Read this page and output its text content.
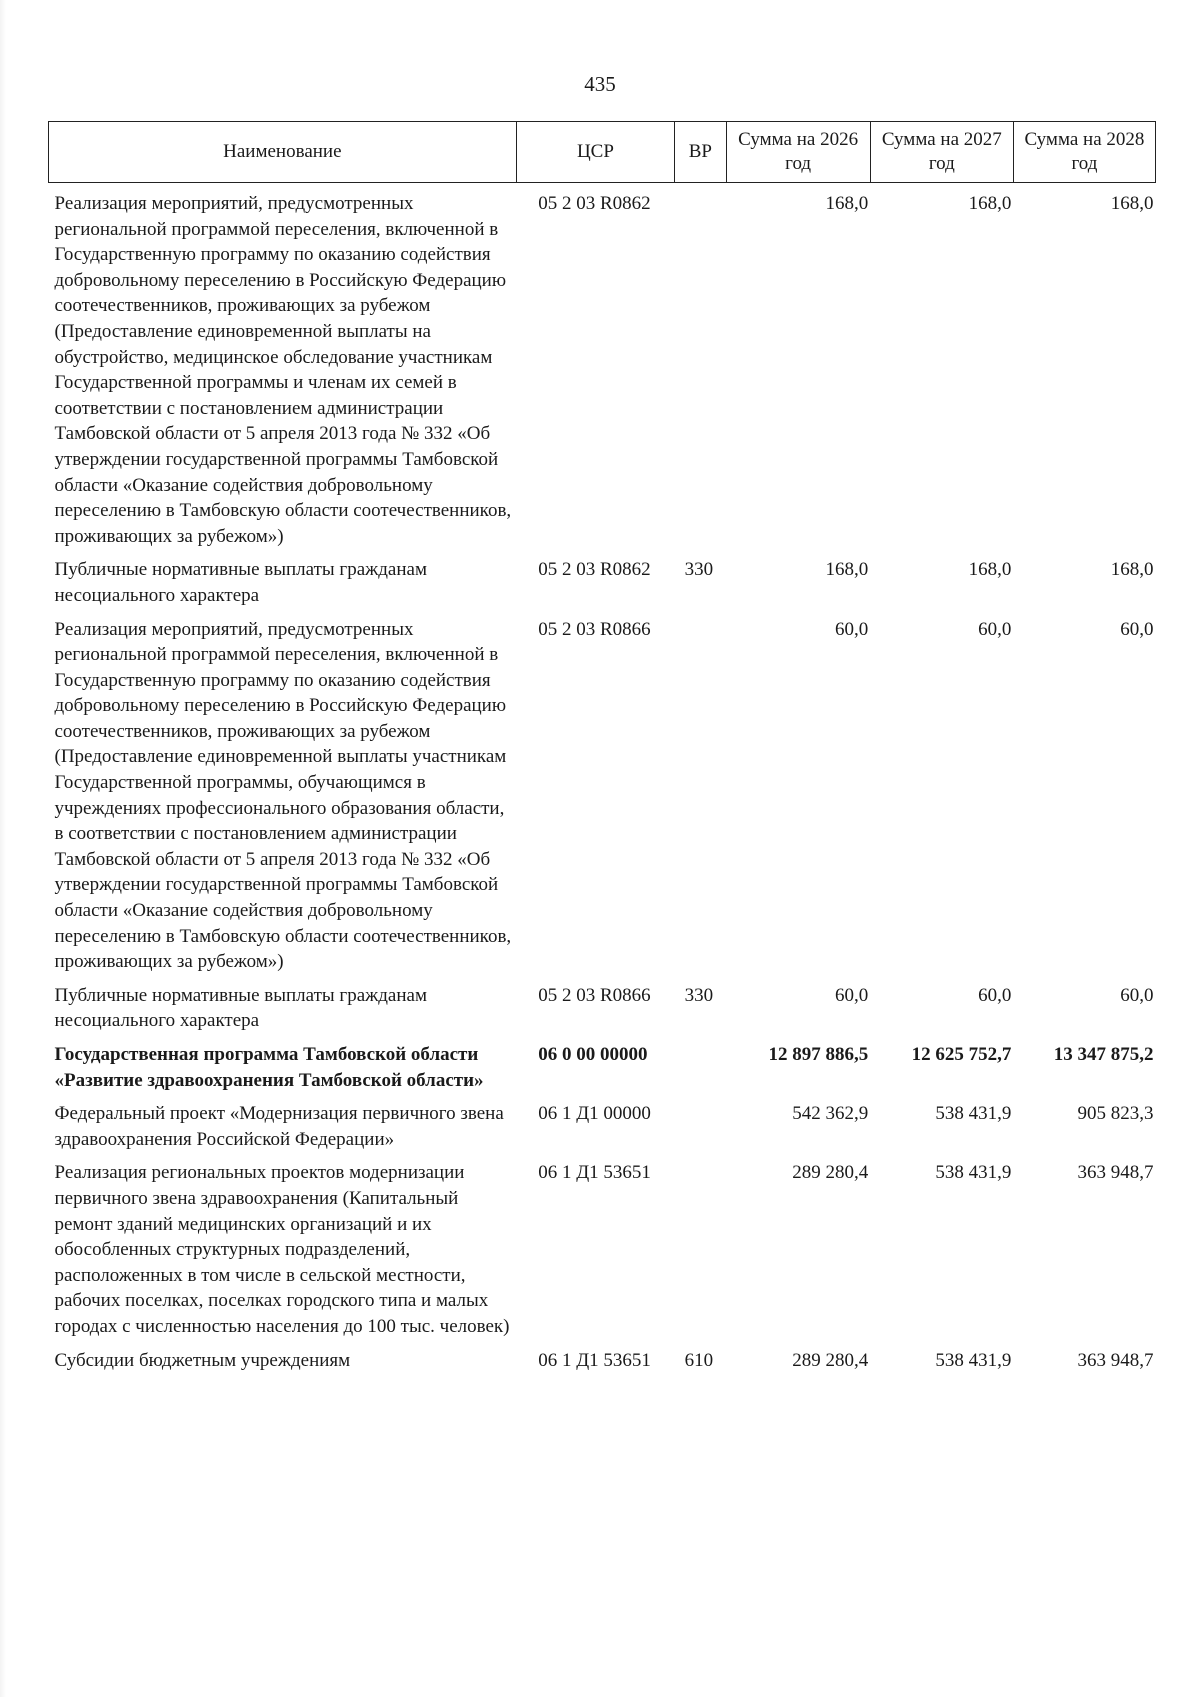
435
Наименование	ЦСР	ВР	Сумма на 2026 год	Сумма на 2027 год	Сумма на 2028 год

Реализация мероприятий, предусмотренных региональной программой переселения, включенной в Государственную программу по оказанию содействия добровольному переселению в Российскую Федерацию соотечественников, проживающих за рубежом (Предоставление единовременной выплаты на обустройство, медицинское обследование участникам Государственной программы и членам их семей в соответствии с постановлением администрации Тамбовской области от 5 апреля 2013 года № 332 «Об утверждении государственной программы Тамбовской области «Оказание содействия добровольному переселению в Тамбовскую области соотечественников, проживающих за рубежом»)	05 2 03 R0862		168,0	168,0	168,0

Публичные нормативные выплаты гражданам несоциального характера	05 2 03 R0862	330	168,0	168,0	168,0

Реализация мероприятий, предусмотренных региональной программой переселения, включенной в Государственную программу по оказанию содействия добровольному переселению в Российскую Федерацию соотечественников, проживающих за рубежом (Предоставление единовременной выплаты участникам Государственной программы, обучающимся в учреждениях профессионального образования области, в соответствии с постановлением администрации Тамбовской области от 5 апреля 2013 года № 332 «Об утверждении государственной программы Тамбовской области «Оказание содействия добровольному переселению в Тамбовскую области соотечественников, проживающих за рубежом»)	05 2 03 R0866		60,0	60,0	60,0

Публичные нормативные выплаты гражданам несоциального характера	05 2 03 R0866	330	60,0	60,0	60,0

Государственная программа Тамбовской области «Развитие здравоохранения Тамбовской области»	06 0 00 00000		12 897 886,5	12 625 752,7	13 347 875,2

Федеральный проект «Модернизация первичного звена здравоохранения Российской Федерации»	06 1 Д1 00000		542 362,9	538 431,9	905 823,3

Реализация региональных проектов модернизации первичного звена здравоохранения (Капитальный ремонт зданий медицинских организаций и их обособленных структурных подразделений, расположенных в том числе в сельской местности, рабочих поселках, поселках городского типа и малых городах с численностью населения до 100 тыс. человек)	06 1 Д1 53651		289 280,4	538 431,9	363 948,7

Субсидии бюджетным учреждениям	06 1 Д1 53651	610	289 280,4	538 431,9	363 948,7
